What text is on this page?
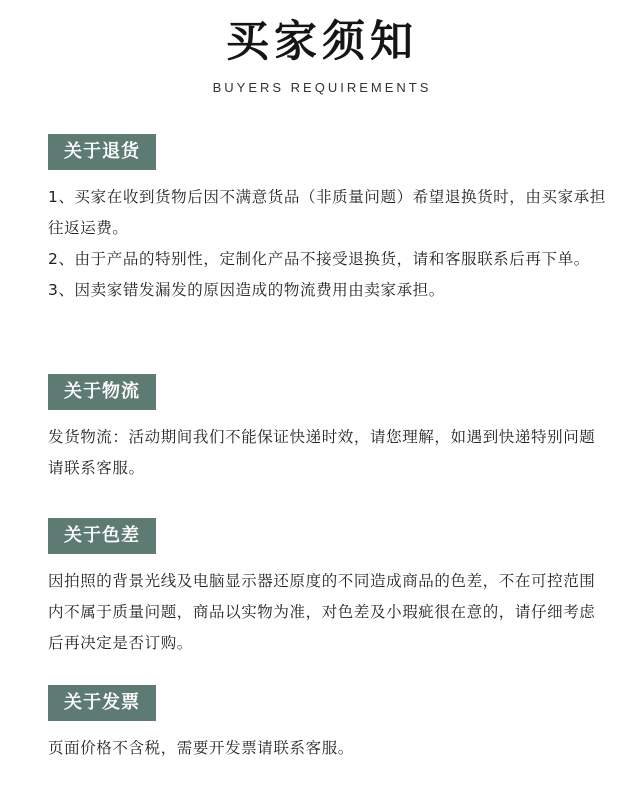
买家须知
BUYERS REQUIREMENTS
关于退货

1、买家在收到货物后因不满意货品（非质量问题）希望退换货时，由买家承担往返运费。

2、由于产品的特别性，定制化产品不接受退换货，请和客服联系后再下单。

3、因卖家错发漏发的原因造成的物流费用由卖家承担。

关于物流

发货物流：活动期间我们不能保证快递时效，请您理解，如遇到快递特别问题请联系客服。

关于色差

因拍照的背景光线及电脑显示器还原度的不同造成商品的色差，不在可控范围内不属于质量问题，商品以实物为准，对色差及小瑕疵很在意的，请仔细考虑后再决定是否订购。

关于发票

页面价格不含税，需要开发票请联系客服。
